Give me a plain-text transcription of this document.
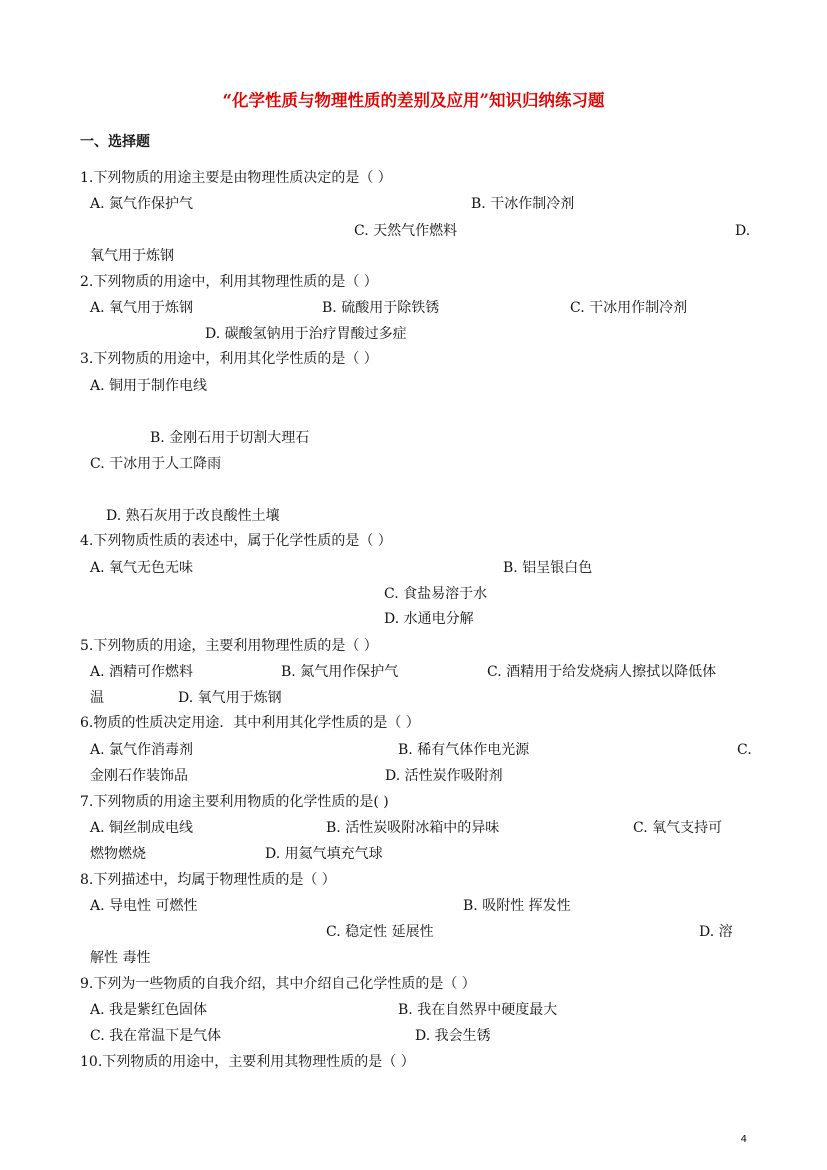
“化学性质与物理性质的差别及应用”知识归纳练习题
一、选择题
1.下列物质的用途主要是由物理性质决定的是（ ）
A. 氮气作保护气	B. 干冰作制冷剂
C. 天然气作燃料	D.
氧气用于炼钢
2.下列物质的用途中，利用其物理性质的是（ ）
A. 氧气用于炼钢	B. 硫酸用于除铁锈	C. 干冰用作制冷剂
D. 碳酸氢钠用于治疗胃酸过多症
3.下列物质的用途中，利用其化学性质的是（ ）
A. 铜用于制作电线
B. 金刚石用于切割大理石
C. 干冰用于人工降雨
D. 熟石灰用于改良酸性土壤
4.下列物质性质的表述中，属于化学性质的是（ ）
A. 氧气无色无味	B. 铝呈银白色
C. 食盐易溶于水
D. 水通电分解
5.下列物质的用途，主要利用物理性质的是（ ）
A. 酒精可作燃料	B. 氮气用作保护气	C. 酒精用于给发烧病人擦拭以降低体
温	D. 氧气用于炼钢
6.物质的性质决定用途．其中利用其化学性质的是（ ）
A. 氯气作消毒剂	B. 稀有气体作电光源	C.
金刚石作装饰品	D. 活性炭作吸附剂
7.下列物质的用途主要利用物质的化学性质的是( )
A. 铜丝制成电线	B. 活性炭吸附冰箱中的异味	C. 氧气支持可
燃物燃烧	D. 用氦气填充气球
8.下列描述中，均属于物理性质的是（ ）
A. 导电性 可燃性	B. 吸附性 挥发性
C. 稳定性 延展性	D. 溶
解性 毒性
9.下列为一些物质的自我介绍，其中介绍自己化学性质的是（ ）
A. 我是紫红色固体	B. 我在自然界中硬度最大
C. 我在常温下是气体	D. 我会生锈
10.下列物质的用途中，主要利用其物理性质的是（ ）
4
